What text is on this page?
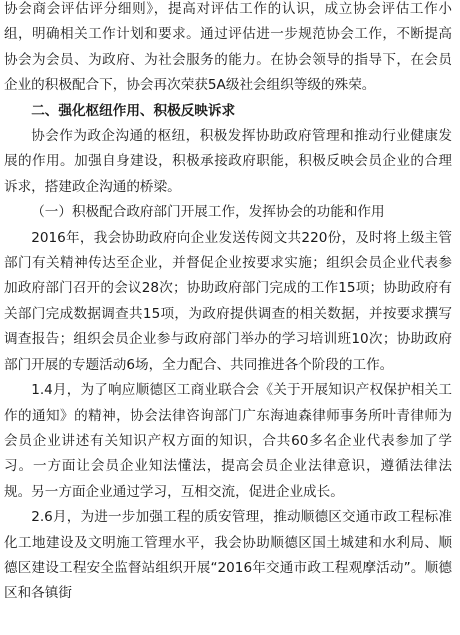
协会商会评估评分细则》，提高对评估工作的认识，成立协会评估工作小组，明确相关工作计划和要求。通过评估进一步规范协会工作，不断提高协会为会员、为政府、为社会服务的能力。在协会领导的指导下，在会员企业的积极配合下，协会再次荣获5A级社会组织等级的殊荣。

二、强化枢纽作用、积极反映诉求

协会作为政企沟通的枢纽，积极发挥协助政府管理和推动行业健康发展的作用。加强自身建设，积极承接政府职能，积极反映会员企业的合理诉求，搭建政企沟通的桥梁。

（一）积极配合政府部门开展工作，发挥协会的功能和作用

2016年，我会协助政府向企业发送传阅文共220份，及时将上级主管部门有关精神传达至企业，并督促企业按要求实施；组织会员企业代表参加政府部门召开的会议28次；协助政府部门完成的工作15项；协助政府有关部门完成数据调查共15项，为政府提供调查的相关数据，并按要求撰写调查报告；组织会员企业参与政府部门举办的学习培训班10次；协助政府部门开展的专题活动6场，全力配合、共同推进各个阶段的工作。

1.4月，为了响应顺德区工商业联合会《关于开展知识产权保护相关工作的通知》的精神，协会法律咨询部门广东海迪森律师事务所叶青律师为会员企业讲述有关知识产权方面的知识，合共60多名企业代表参加了学习。一方面让会员企业知法懂法，提高会员企业法律意识，遵循法律法规。另一方面企业通过学习，互相交流，促进企业成长。

2.6月，为进一步加强工程的质安管理，推动顺德区交通市政工程标准化工地建设及文明施工管理水平，我会协助顺德区国土城建和水利局、顺德区建设工程安全监督站组织开展“2016年交通市政工程观摩活动”。顺德区和各镇街
